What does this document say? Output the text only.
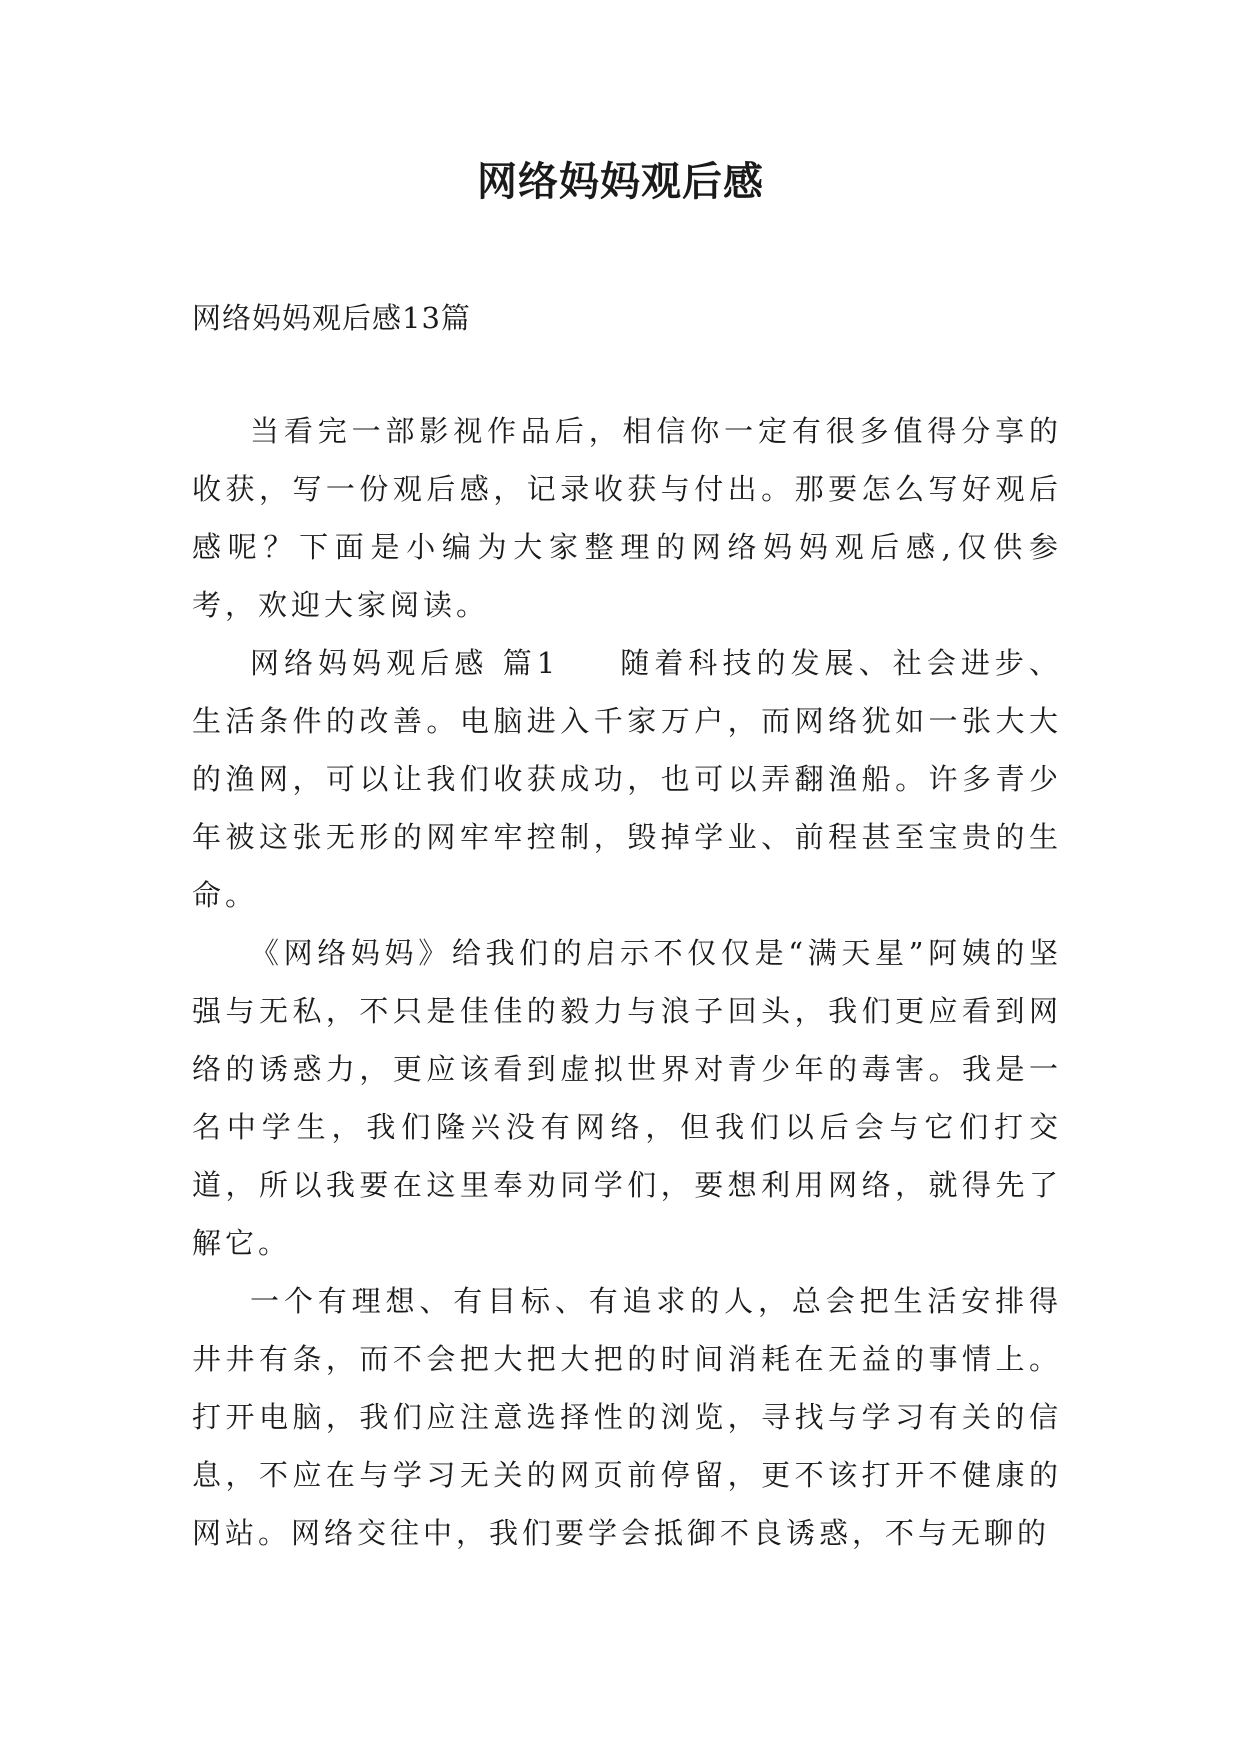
网络妈妈观后感
网络妈妈观后感13篇

当看完一部影视作品后，相信你一定有很多值得分享的收获，写一份观后感，记录收获与付出。那要怎么写好观后感呢？下面是小编为大家整理的网络妈妈观后感,仅供参考，欢迎大家阅读。

网络妈妈观后感 篇1 随着科技的发展、社会进步、生活条件的改善。电脑进入千家万户，而网络犹如一张大大的渔网，可以让我们收获成功，也可以弄翻渔船。许多青少年被这张无形的网牢牢控制，毁掉学业、前程甚至宝贵的生命。

《网络妈妈》给我们的启示不仅仅是“满天星”阿姨的坚强与无私，不只是佳佳的毅力与浪子回头，我们更应看到网络的诱惑力，更应该看到虚拟世界对青少年的毒害。我是一名中学生，我们隆兴没有网络，但我们以后会与它们打交道，所以我要在这里奉劝同学们，要想利用网络，就得先了解它。

一个有理想、有目标、有追求的人，总会把生活安排得井井有条，而不会把大把大把的时间消耗在无益的事情上。打开电脑，我们应注意选择性的浏览，寻找与学习有关的信息，不应在与学习无关的网页前停留，更不该打开不健康的网站。网络交往中，我们要学会抵御不良诱惑，不与无聊的
